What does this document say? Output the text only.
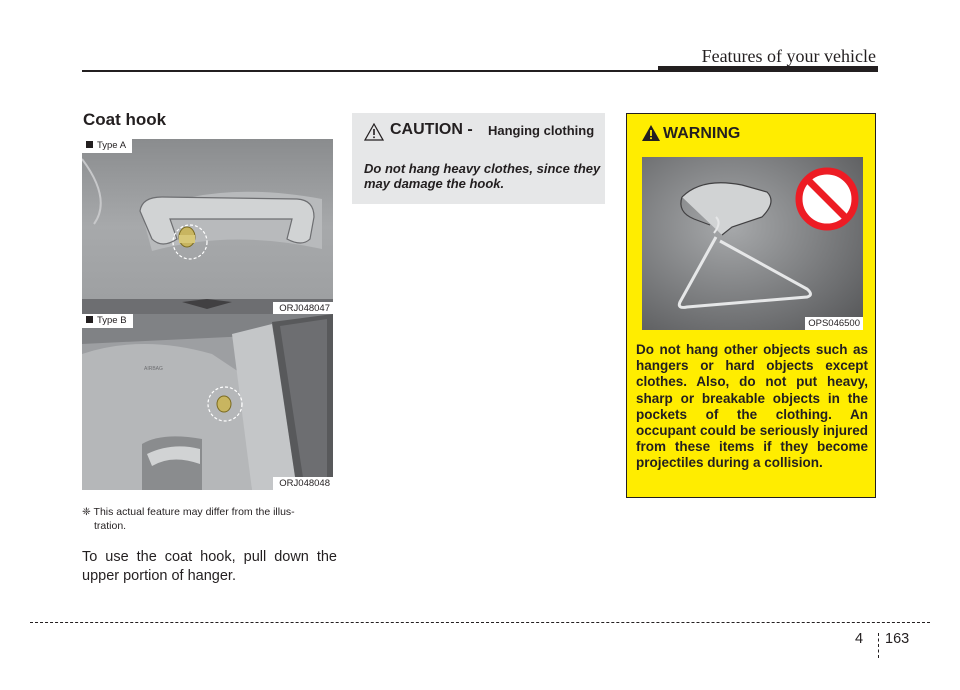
Features of your vehicle
Coat hook
Type A
ORJ048047
AIRBAG
Type B
ORJ048048
❈ This actual feature may differ from the illus-
tration.
To use the coat hook, pull down the upper portion of hanger.
CAUTION - Hanging clothing
Do not hang heavy clothes, since they may damage the hook.
WARNING
OPS046500
Do not hang other objects such as hangers or hard objects except clothes. Also, do not put heavy, sharp or breakable objects in the pockets of the clothing. An occupant could be seriously injured from these items if they become projectiles during a collision.
4 163
